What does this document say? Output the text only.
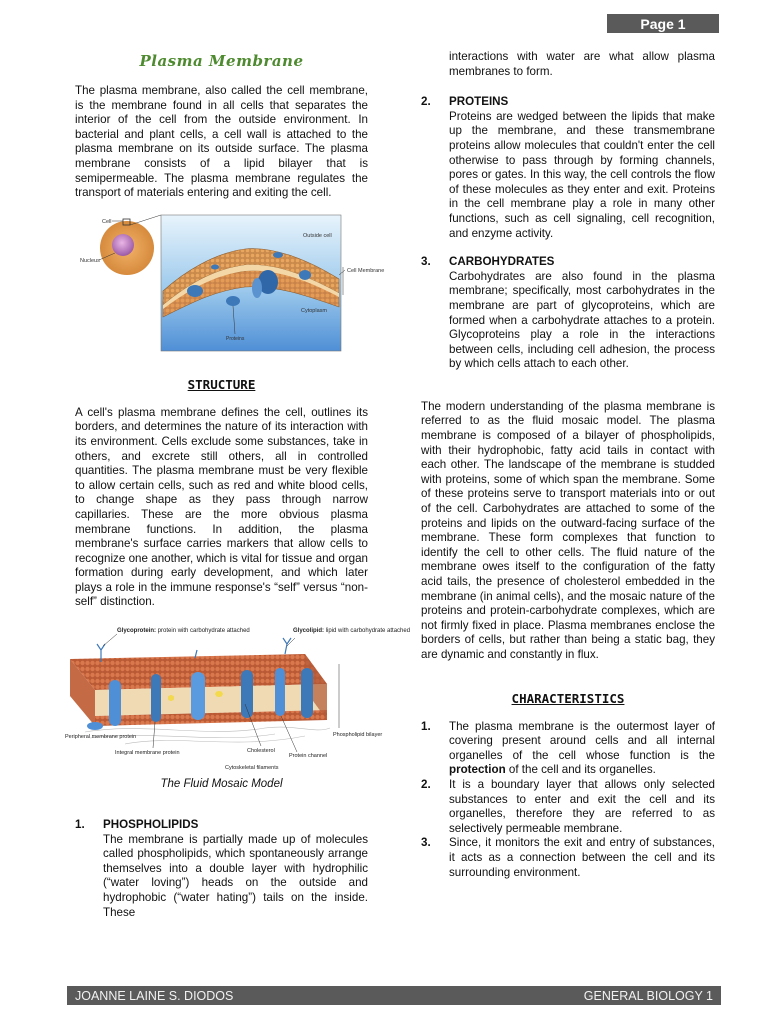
Page 1
Plasma Membrane

The plasma membrane, also called the cell membrane, is the membrane found in all cells that separates the interior of the cell from the outside environment. In bacterial and plant cells, a cell wall is attached to the plasma membrane on its outside surface. The plasma membrane consists of a lipid bilayer that is semipermeable. The plasma membrane regulates the transport of materials entering and exiting the cell.

Cell
Nucleus
Outside cell
Cell Membrane
Cytoplasm
Proteins
STRUCTURE

A cell's plasma membrane defines the cell, outlines its borders, and determines the nature of its interaction with its environment. Cells exclude some substances, take in others, and excrete still others, all in controlled quantities. The plasma membrane must be very flexible to allow certain cells, such as red and white blood cells, to change shape as they pass through narrow capillaries. These are the more obvious plasma membrane functions. In addition, the plasma membrane's surface carries markers that allow cells to recognize one another, which is vital for tissue and organ formation during early development, and which later plays a role in the immune response's “self” versus “non-self” distinction.

Glycoprotein: protein with carbohydrate attached	Glycolipid: lipid with carbohydrate attached
Peripheral membrane protein
Integral membrane protein	Cholesterol
Protein channel
Phospholipid bilayer
Cytoskeletal filaments

The Fluid Mosaic Model

1.	PHOSPHOLIPIDS
The membrane is partially made up of molecules called phospholipids, which spontaneously arrange themselves into a double layer with hydrophilic (“water loving”) heads on the outside and hydrophobic (“water hating”) tails on the inside. These

interactions with water are what allow plasma membranes to form.

2.	PROTEINS
Proteins are wedged between the lipids that make up the membrane, and these transmembrane proteins allow molecules that couldn't enter the cell otherwise to pass through by forming channels, pores or gates. In this way, the cell controls the flow of these molecules as they enter and exit. Proteins in the cell membrane play a role in many other functions, such as cell signaling, cell recognition, and enzyme activity.
3.	CARBOHYDRATES
Carbohydrates are also found in the plasma membrane; specifically, most carbohydrates in the membrane are part of glycoproteins, which are formed when a carbohydrate attaches to a protein. Glycoproteins play a role in the interactions between cells, including cell adhesion, the process by which cells attach to each other.

The modern understanding of the plasma membrane is referred to as the fluid mosaic model. The plasma membrane is composed of a bilayer of phospholipids, with their hydrophobic, fatty acid tails in contact with each other. The landscape of the membrane is studded with proteins, some of which span the membrane. Some of these proteins serve to transport materials into or out of the cell. Carbohydrates are attached to some of the proteins and lipids on the outward-facing surface of the membrane. These form complexes that function to identify the cell to other cells. The fluid nature of the membrane owes itself to the configuration of the fatty acid tails, the presence of cholesterol embedded in the membrane (in animal cells), and the mosaic nature of the proteins and protein-carbohydrate complexes, which are not firmly fixed in place. Plasma membranes enclose the borders of cells, but rather than being a static bag, they are dynamic and constantly in flux.

CHARACTERISTICS
1.	The plasma membrane is the outermost layer of covering present around cells and all internal organelles of the cell whose function is the protection of the cell and its organelles.
2.	It is a boundary layer that allows only selected substances to enter and exit the cell and its organelles, therefore they are referred to as selectively permeable membrane.
3.	Since, it monitors the exit and entry of substances, it acts as a connection between the cell and its surrounding environment.
JOANNE LAINE S. DIODOS	GENERAL BIOLOGY 1
